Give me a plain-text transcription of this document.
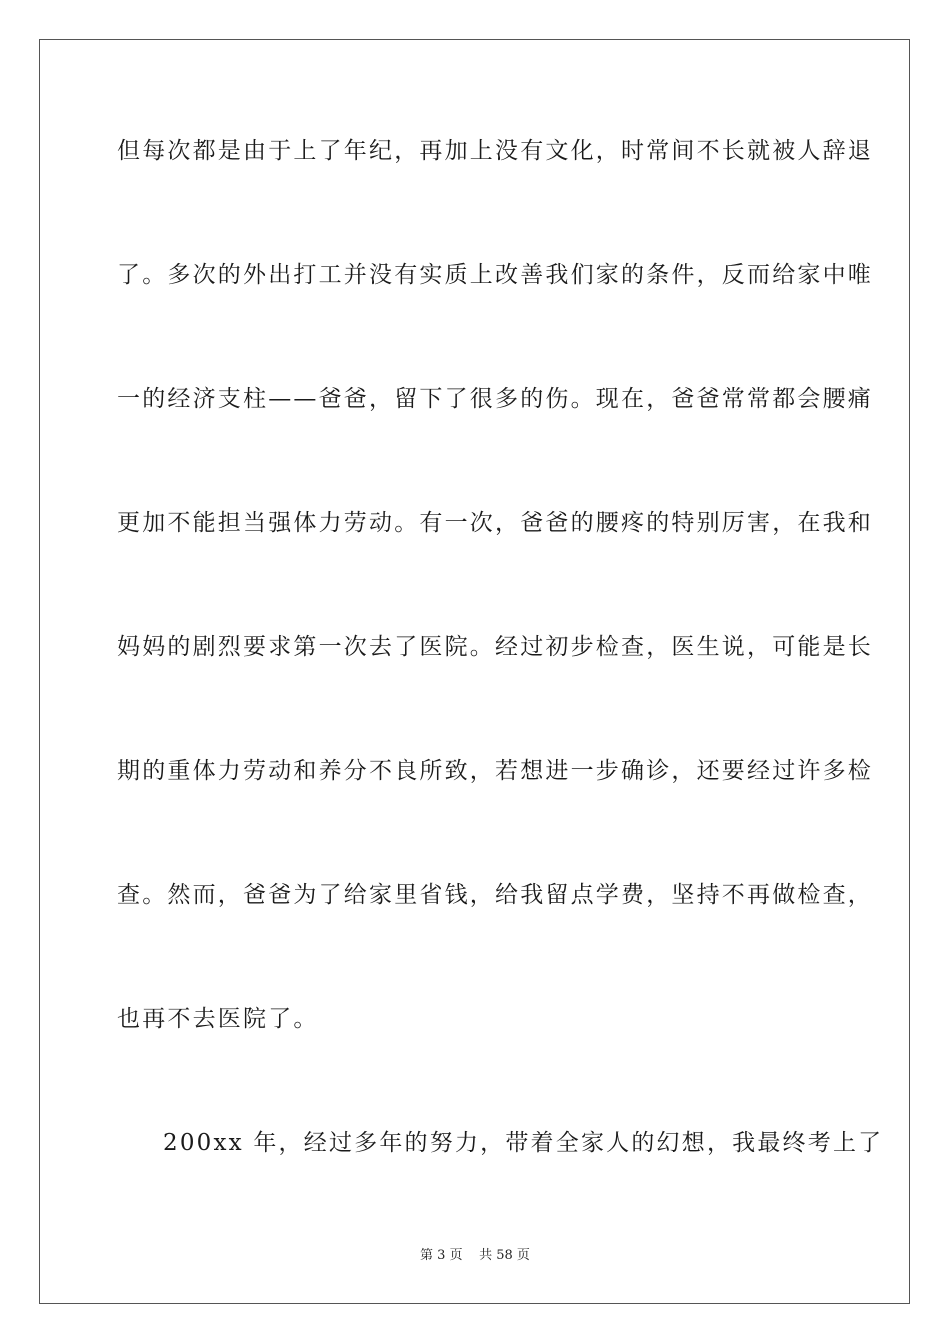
但每次都是由于上了年纪，再加上没有文化，时常间不长就被人辞退
了。多次的外出打工并没有实质上改善我们家的条件，反而给家中唯
一的经济支柱——爸爸，留下了很多的伤。现在，爸爸常常都会腰痛
更加不能担当强体力劳动。有一次，爸爸的腰疼的特别厉害，在我和
妈妈的剧烈要求第一次去了医院。经过初步检查，医生说，可能是长
期的重体力劳动和养分不良所致，若想进一步确诊，还要经过许多检
查。然而，爸爸为了给家里省钱，给我留点学费，坚持不再做检查，
也再不去医院了。
200xx 年，经过多年的努力，带着全家人的幻想，我最终考上了
第 3 页 共 58 页
